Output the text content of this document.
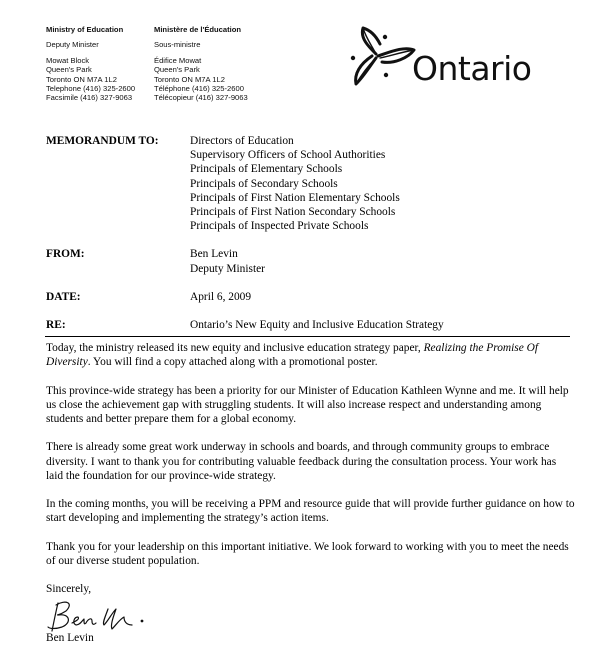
Ministry of Education
Deputy Minister
Mowat Block
Queen's Park
Toronto ON M7A 1L2
Telephone (416) 325-2600
Facsimile (416) 327-9063
Ministère de l'Éducation
Sous-ministre
Édifice Mowat
Queen's Park
Toronto ON M7A 1L2
Téléphone (416) 325-2600
Télécopieur (416) 327-9063
Ontario
MEMORANDUM TO:	Directors of Education
Supervisory Officers of School Authorities
Principals of Elementary Schools
Principals of Secondary Schools
Principals of First Nation Elementary Schools
Principals of First Nation Secondary Schools
Principals of Inspected Private Schools
FROM:	Ben Levin
Deputy Minister
DATE:	April 6, 2009
RE:	Ontario’s New Equity and Inclusive Education Strategy

Today, the ministry released its new equity and inclusive education strategy paper, Realizing the Promise Of Diversity. You will find a copy attached along with a promotional poster.

This province-wide strategy has been a priority for our Minister of Education Kathleen Wynne and me. It will help us close the achievement gap with struggling students. It will also increase respect and understanding among students and better prepare them for a global economy.

There is already some great work underway in schools and boards, and through community groups to embrace diversity. I want to thank you for contributing valuable feedback during the consultation process. Your work has laid the foundation for our province-wide strategy.

In the coming months, you will be receiving a PPM and resource guide that will provide further guidance on how to start developing and implementing the strategy’s action items.

Thank you for your leadership on this important initiative. We look forward to working with you to meet the needs of our diverse student population.

Sincerely,

Ben Levin
